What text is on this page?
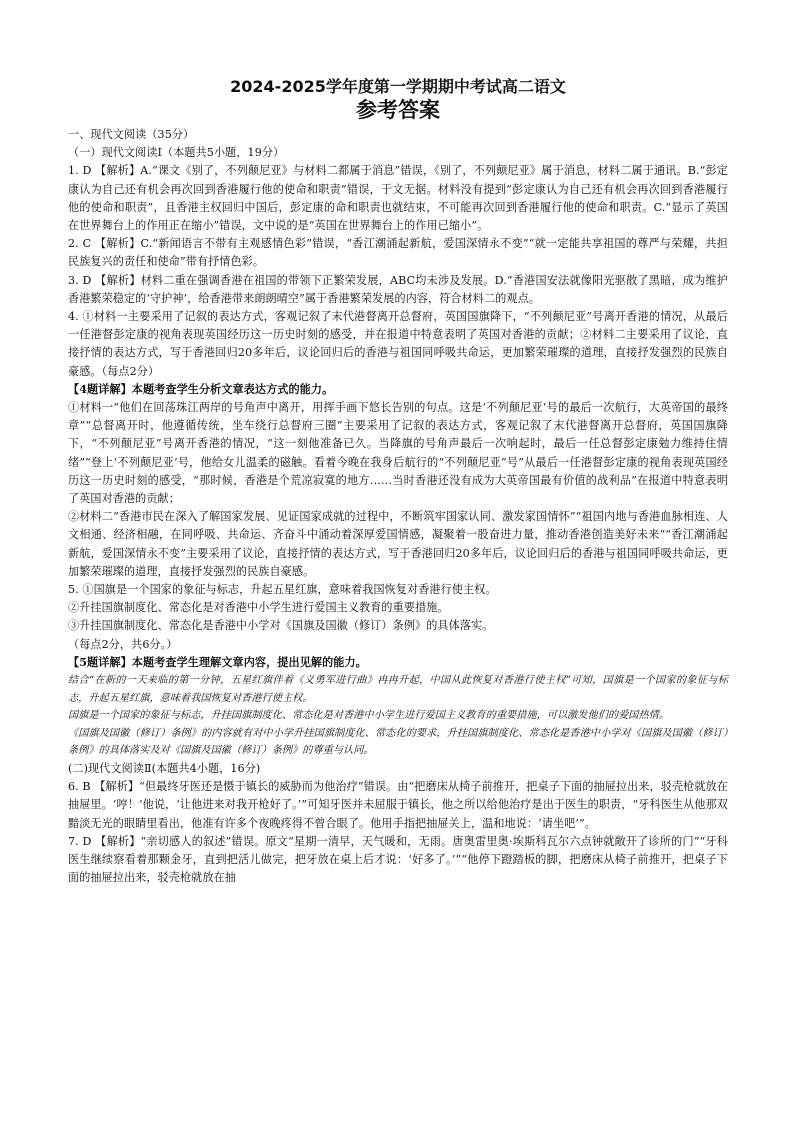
2024-2025学年度第一学期期中考试高二语文
参考答案

一、现代文阅读（35分）

（一）现代文阅读Ⅰ（本题共5小题，19分）

1. D 【解析】A.“课文《别了，不列颠尼亚》与材料二都属于消息”错误，《别了，不列颠尼亚》属于消息，材料二属于通讯。B.“彭定康认为自己还有机会再次回到香港履行他的使命和职责”错误，于文无据。材料没有提到“彭定康认为自己还有机会再次回到香港履行他的使命和职责”，且香港主权回归中国后，彭定康的命和职责也就结束，不可能再次回到香港履行他的使命和职责。C.“显示了英国在世界舞台上的作用正在缩小”错误，文中说的是“英国在世界舞台上的作用已缩小”。

2. C 【解析】C.“新闻语言不带有主观感情色彩”错误，“香江潮涌起新航，爱国深情永不变”“就一定能共享祖国的尊严与荣耀，共担民族复兴的责任和使命”带有抒情色彩。

3. D 【解析】材料二重在强调香港在祖国的带领下正繁荣发展，ABC均未涉及发展。D.“香港国安法就像阳光驱散了黑暗，成为维护香港繁荣稳定的‘守护神’，给香港带来朗朗晴空”属于香港繁荣发展的内容，符合材料二的观点。

4. ①材料一主要采用了记叙的表达方式，客观记叙了末代港督离开总督府，英国国旗降下，“不列颠尼亚”号离开香港的情况，从最后一任港督彭定康的视角表现英国经历这一历史时刻的感受，并在报道中特意表明了英国对香港的贡献；②材料二主要采用了议论，直接抒情的表达方式，写于香港回归20多年后，议论回归后的香港与祖国同呼吸共命运，更加繁荣璀璨的道理，直接抒发强烈的民族自豪感。（每点2分）

【4题详解】本题考查学生分析文章表达方式的能力。

①材料一“他们在回荡珠江两岸的号角声中离开，用挥手画下悠长告别的句点。这是‘不列颠尼亚’号的最后一次航行，大英帝国的最终章”“总督离开时，他遵循传统，坐车绕行总督府三圈”主要采用了记叙的表达方式，客观记叙了末代港督离开总督府，英国国旗降下，“不列颠尼亚”号离开香港的情况，“这一刻他准备已久。当降旗的号角声最后一次响起时，最后一任总督彭定康勉力维持住情绪”“登上‘不列颠尼亚’号，他给女儿温柔的磁触。看着今晚在我身后航行的“不列颠尼亚”号”从最后一任港督彭定康的视角表现英国经历这一历史时刻的感受，“那时候，香港是个荒凉寂寞的地方……当时香港还没有成为大英帝国最有价值的战利品”在报道中特意表明了英国对香港的贡献；

②材料二“香港市民在深入了解国家发展、见证国家成就的过程中，不断筑牢国家认同、激发家国情怀”“祖国内地与香港血脉相连、人文相通、经济相融，在同呼吸、共命运、齐奋斗中涌动着深厚爱国情感，凝聚着一股奋进力量，推动香港创造美好未来”“香江潮涌起新航，爱国深情永不变”主要采用了议论，直接抒情的表达方式，写于香港回归20多年后，议论回归后的香港与祖国同呼吸共命运，更加繁荣璀璨的道理，直接抒发强烈的民族自豪感。

5. ①国旗是一个国家的象征与标志，升起五星红旗，意味着我国恢复对香港行使主权。

②升挂国旗制度化、常态化是对香港中小学生进行爱国主义教育的重要措施。

③升挂国旗制度化、常态化是香港中小学对《国旗及国徽（修订）条例》的具体落实。

（每点2分，共6分。）

【5题详解】本题考查学生理解文章内容，提出见解的能力。

结合“在新的一天来临的第一分钟，五星红旗伴着《义勇军进行曲》冉冉升起，中国从此恢复对香港行使主权”可知，国旗是一个国家的象征与标志，升起五星红旗，意味着我国恢复对香港行使主权。

国旗是一个国家的象征与标志，升挂国旗制度化、常态化是对香港中小学生进行爱国主义教育的重要措施，可以激发他们的爱国热情。

《国旗及国徽（修订）条例》的内容就有对中小学升挂国旗制度化、常态化的要求，升挂国旗制度化、常态化是香港中小学对《国旗及国徽（修订）条例》的具体落实及对《国旗及国徽（修订）条例》的尊重与认同。

(二)现代文阅读Ⅱ(本题共4小题，16分)

6. B 【解析】“但最终牙医还是慑于镇长的威胁而为他治疗”错误。由“把磨床从椅子前推开，把桌子下面的抽屉拉出来，驳壳枪就放在抽屉里。‘哼！’他说，‘让他进来对我开枪好了。’”可知牙医并未屈服于镇长，他之所以给他治疗是出于医生的职责，“牙科医生从他那双黯淡无光的眼睛里看出，他准有许多个夜晚疼得不曾合眼了。他用手指把抽屉关上，温和地说：‘请坐吧’”。

7. D 【解析】“亲切感人的叙述”错误。原文“星期一清早，天气暖和，无雨。唐奥雷里奥·埃斯科瓦尔六点钟就敞开了诊所的门”“牙科医生继续察看着那颗金牙，直到把活儿做完，把牙放在桌上后才说：‘好多了。’”“他停下蹬踏板的脚，把磨床从椅子前推开，把桌子下面的抽屉拉出来，驳壳枪就放在抽
